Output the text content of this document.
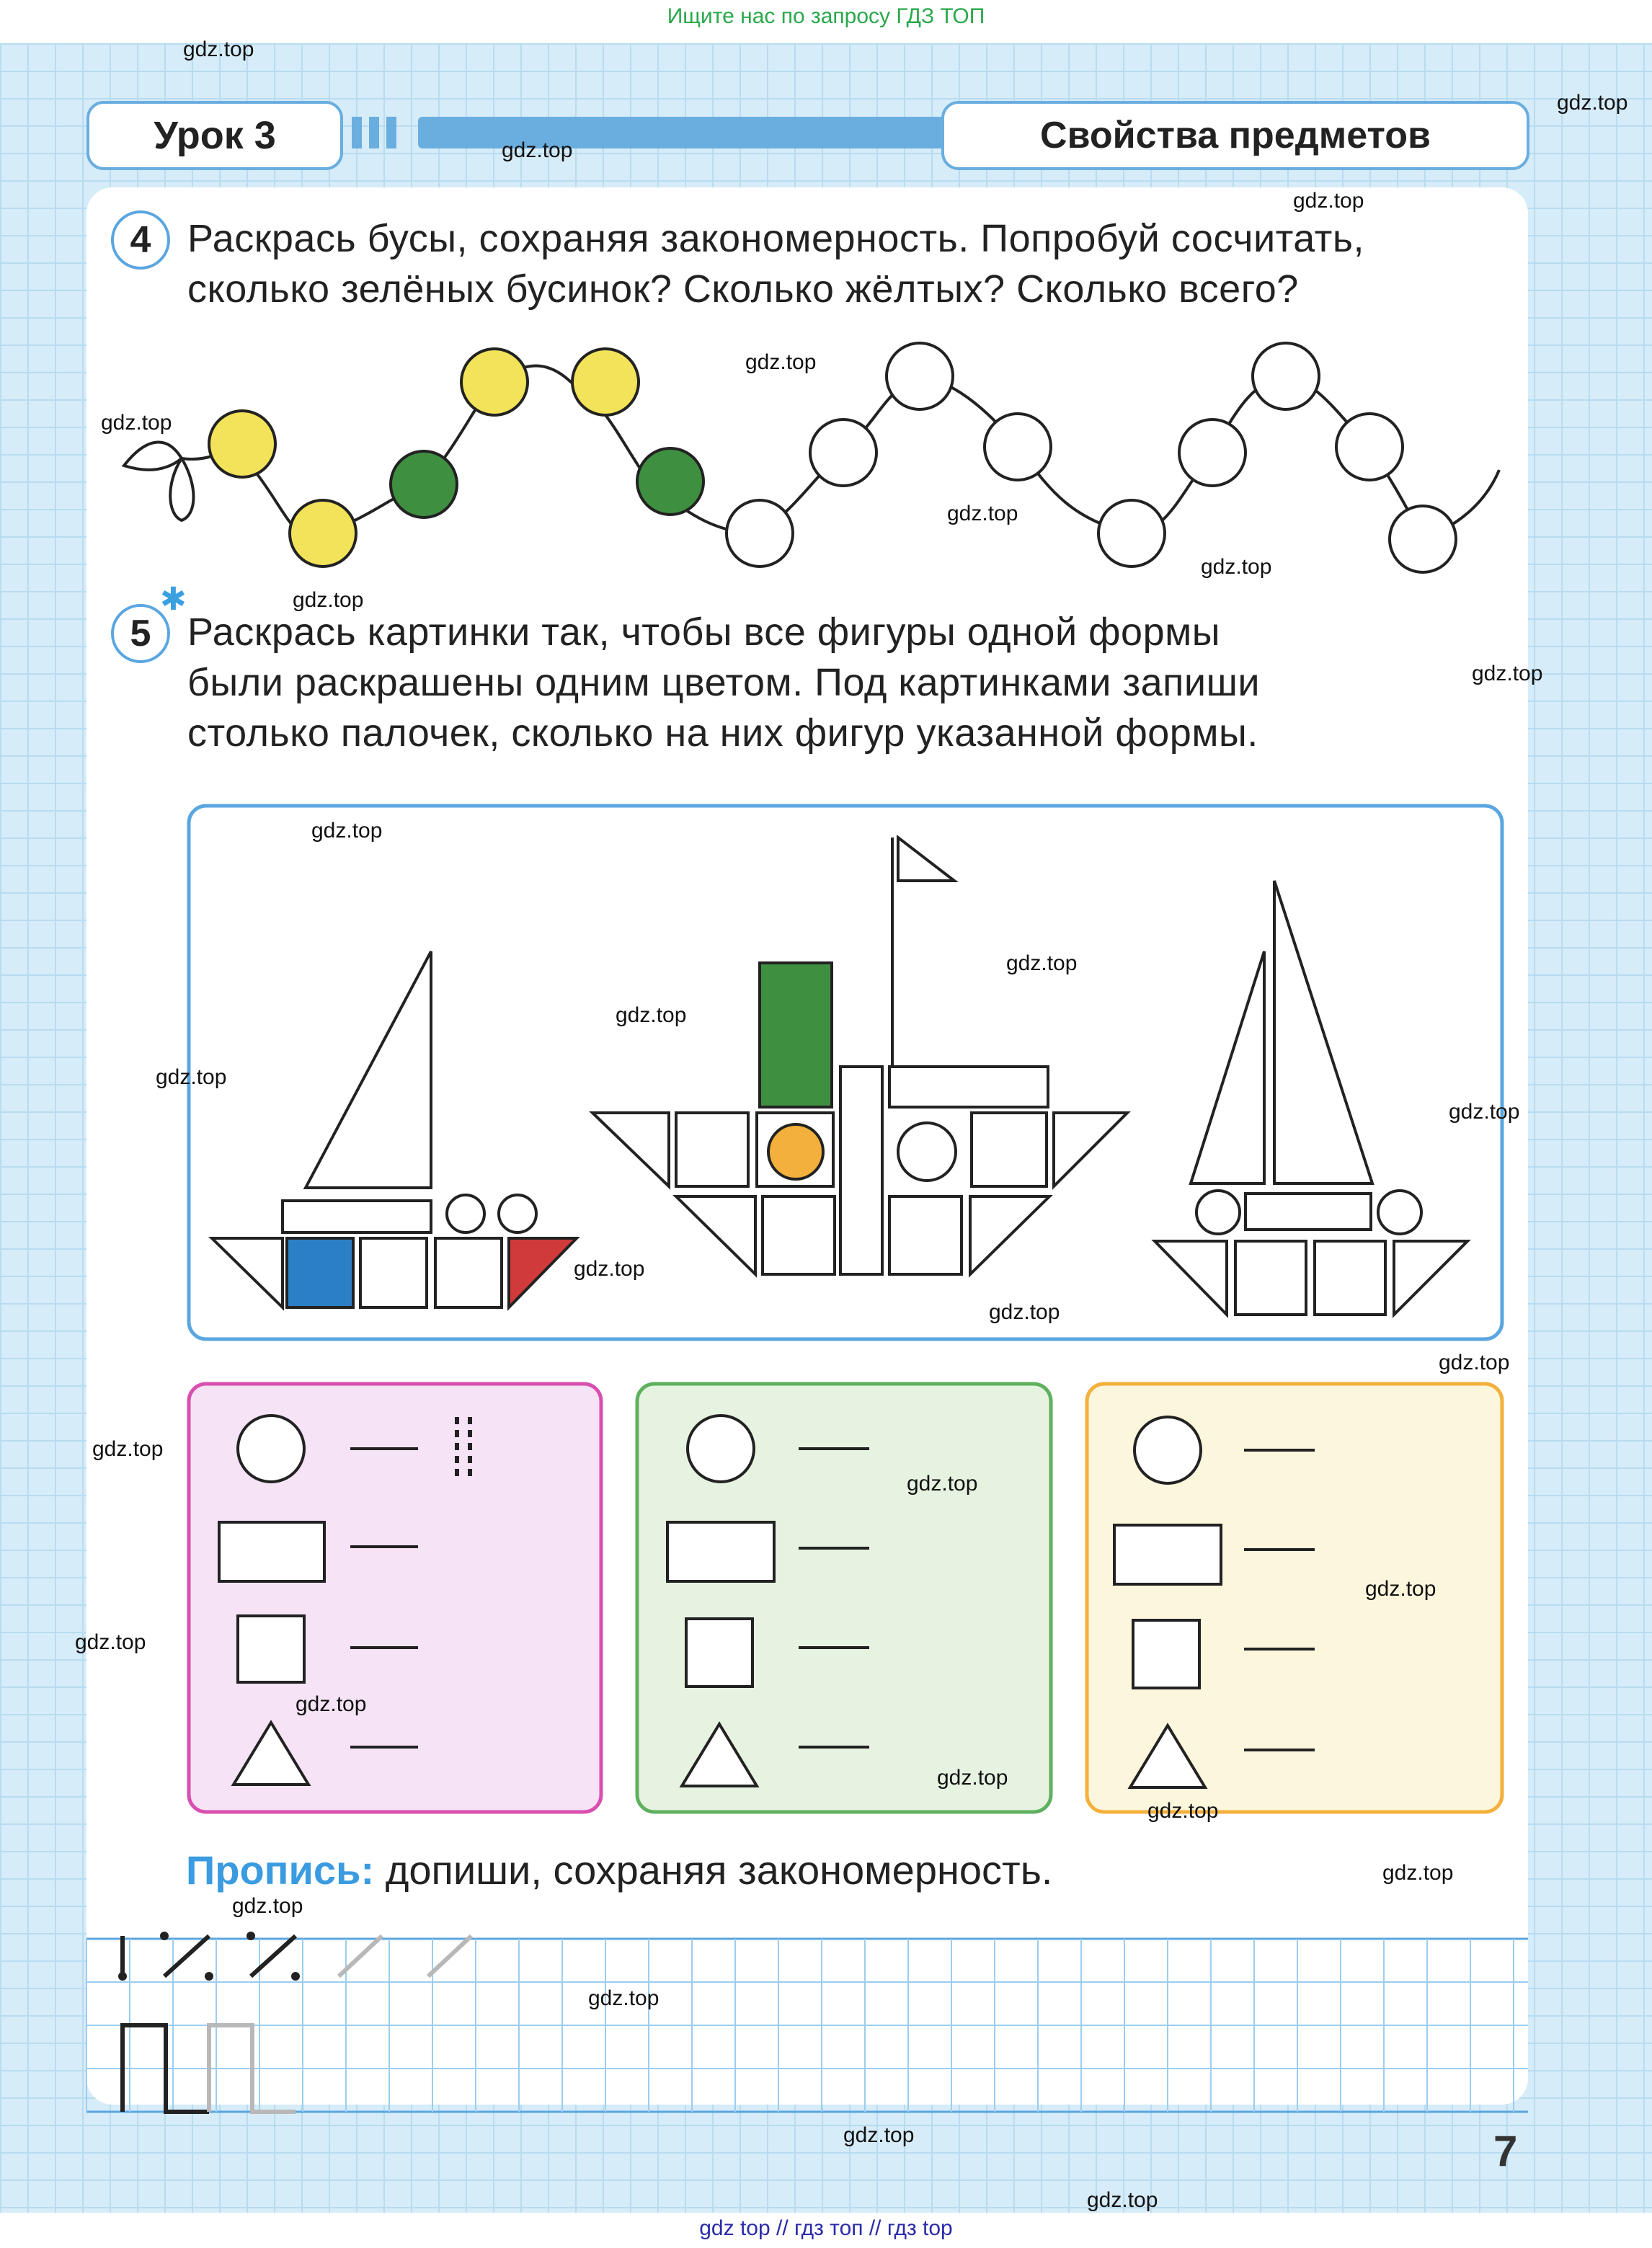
Ищите нас по запросу ГДЗ ТОП
Урок 3	Свойства предметов
4 Раскрась бусы, сохраняя закономерность. Попробуй сосчитать,
сколько зелёных бусинок? Сколько жёлтых? Сколько всего?
5
✱
Раскрась картинки так, чтобы все фигуры одной формы
были раскрашены одним цветом. Под картинками запиши
столько палочек, сколько на них фигур указанной формы.
Пропись: допиши, сохраняя закономерность.
7
gdz.top
gdz.top
gdz.top
gdz.top
gdz.top
gdz.top
gdz.top
gdz.top
gdz.top
gdz.top
gdz.top
gdz.top
gdz.top
gdz.top
gdz.top
gdz.top
gdz.top
gdz.top
gdz.top
gdz.top
gdz.top
gdz.top
gdz.top
gdz.top
gdz.top
gdz.top
gdz.top
gdz.top
gdz.top
gdz.top
gdz top // гдз топ // гдз top
